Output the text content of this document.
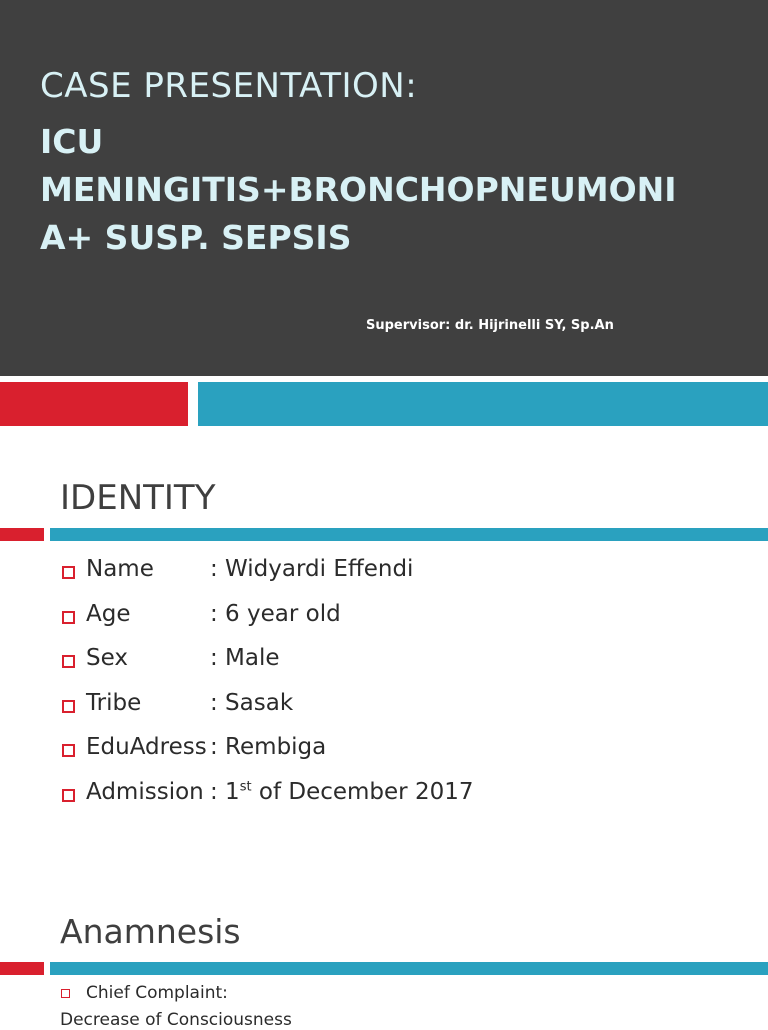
CASE PRESENTATION:
ICU
MENINGITIS+BRONCHOPNEUMONI
A+ SUSP. SEPSIS
Supervisor: dr. Hijrinelli SY, Sp.An
IDENTITY
Name : Widyardi Effendi
Age	: 6 year old
Sex	: Male
Tribe	: Sasak
EduAdress : Rembiga
Admission : 1st of December 2017
Anamnesis
Chief Complaint:
Decrease of Consciousness
